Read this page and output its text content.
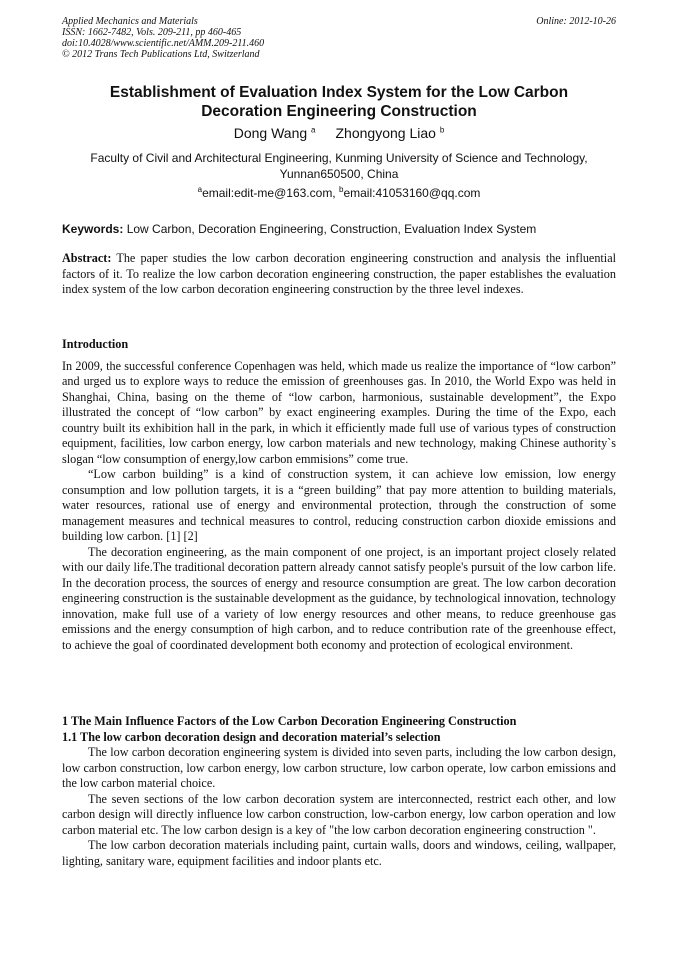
Applied Mechanics and Materials
ISSN: 1662-7482, Vols. 209-211, pp 460-465
doi:10.4028/www.scientific.net/AMM.209-211.460
© 2012 Trans Tech Publications Ltd, Switzerland
Online: 2012-10-26
Establishment of Evaluation Index System for the Low Carbon
Decoration Engineering Construction
Dong Wang $^a$ Zhongyong Liao $^b$
Faculty of Civil and Architectural Engineering, Kunming University of Science and Technology,
Yunnan650500, China
$^a$email:edit-me@163.com, $^b$email:41053160@qq.com
Keywords: Low Carbon, Decoration Engineering, Construction, Evaluation Index System

Abstract: The paper studies the low carbon decoration engineering construction and analysis the influential factors of it. To realize the low carbon decoration engineering construction, the paper establishes the evaluation index system of the low carbon decoration engineering construction by the three level indexes.

Introduction

In 2009, the successful conference Copenhagen was held, which made us realize the importance of “low carbon” and urged us to explore ways to reduce the emission of greenhouses gas. In 2010, the World Expo was held in Shanghai, China, basing on the theme of “low carbon, harmonious, sustainable development”, the Expo illustrated the concept of “low carbon” by exact engineering examples. During the time of the Expo, each country built its exhibition hall in the park, in which it efficiently made full use of various types of construction equipment, facilities, low carbon energy, low carbon materials and new technology, making Chinese authority`s slogan “low consumption of energy,low carbon emmisions” come true.

“Low carbon building” is a kind of construction system, it can achieve low emission, low energy consumption and low pollution targets, it is a “green building” that pay more attention to building materials, water resources, rational use of energy and environmental protection, through the construction of some management measures and technical measures to control, reducing construction carbon dioxide emissions and building low carbon. [1] [2]

The decoration engineering, as the main component of one project, is an important project closely related with our daily life.The traditional decoration pattern already cannot satisfy people's pursuit of the low carbon life. In the decoration process, the sources of energy and resource consumption are great. The low carbon decoration engineering construction is the sustainable development as the guidance, by technological innovation, technology innovation, make full use of a variety of low energy resources and other means, to reduce greenhouse gas emissions and the energy consumption of high carbon, and to reduce contribution rate of the greenhouse effect, to achieve the goal of coordinated development both economy and protection of ecological environment.

1 The Main Influence Factors of the Low Carbon Decoration Engineering Construction

1.1 The low carbon decoration design and decoration material’s selection

The low carbon decoration engineering system is divided into seven parts, including the low carbon design, low carbon construction, low carbon energy, low carbon structure, low carbon operate, low carbon emissions and the low carbon material choice.

The seven sections of the low carbon decoration system are interconnected, restrict each other, and low carbon design will directly influence low carbon construction, low-carbon energy, low carbon operation and low carbon material etc. The low carbon design is a key of "the low carbon decoration engineering construction ".

The low carbon decoration materials including paint, curtain walls, doors and windows, ceiling, wallpaper, lighting, sanitary ware, equipment facilities and indoor plants etc.
